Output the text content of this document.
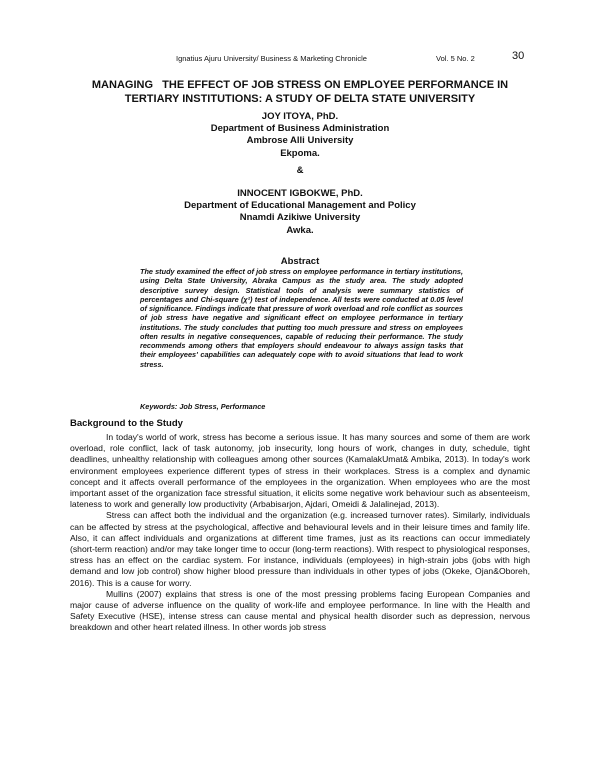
Ignatius Ajuru University/ Business & Marketing Chronicle	Vol. 5 No. 2	30
MANAGING   THE EFFECT OF JOB STRESS ON EMPLOYEE PERFORMANCE IN
TERTIARY INSTITUTIONS: A STUDY OF DELTA STATE UNIVERSITY
JOY ITOYA, PhD.
Department of Business Administration
Ambrose Alli University
Ekpoma.
&
INNOCENT IGBOKWE, PhD.
Department of Educational Management and Policy
Nnamdi Azikiwe University
Awka.
Abstract
The study examined the effect of job stress on employee performance in tertiary institutions, using Delta State University, Abraka Campus as the study area. The study adopted descriptive survey design. Statistical tools of analysis were summary statistics of percentages and Chi-square (χ²) test of independence. All tests were conducted at 0.05 level of significance. Findings indicate that pressure of work overload and role conflict as sources of job stress have negative and significant effect on employee performance in tertiary institutions. The study concludes that putting too much pressure and stress on employees often results in negative consequences, capable of reducing their performance. The study recommends among others that employers should endeavour to always assign tasks that their employees' capabilities can adequately cope with to avoid situations that lead to work stress.
Keywords: Job Stress, Performance
Background to the Study

In today's world of work, stress has become a serious issue. It has many sources and some of them are work overload, role conflict, lack of task autonomy, job insecurity, long hours of work, changes in duty, schedule, tight deadlines, unhealthy relationship with colleagues among other sources (KamalakUmat& Ambika, 2013). In today's work environment employees experience different types of stress in their workplaces. Stress is a complex and dynamic concept and it affects overall performance of the employees in the organization. When employees who are the most important asset of the organization face stressful situation, it elicits some negative work behaviour such as absenteeism, lateness to work and generally low productivity (Arbabisarjon, Ajdari, Omeidi & Jalalinejad, 2013).

Stress can affect both the individual and the organization (e.g. increased turnover rates). Similarly, individuals can be affected by stress at the psychological, affective and behavioural levels and in their leisure times and family life. Also, it can affect individuals and organizations at different time frames, just as its reactions can occur immediately (short-term reaction) and/or may take longer time to occur (long-term reactions). With respect to physiological responses, stress has an effect on the cardiac system. For instance, individuals (employees) in high-strain jobs (jobs with high demand and low job control) show higher blood pressure than individuals in other types of jobs (Okeke, Ojan&Oboreh, 2016). This is a cause for worry.

Mullins (2007) explains that stress is one of the most pressing problems facing European Companies and major cause of adverse influence on the quality of work-life and employee performance. In line with the Health and Safety Executive (HSE), intense stress can cause mental and physical health disorder such as depression, nervous breakdown and other heart related illness. In other words job stress
